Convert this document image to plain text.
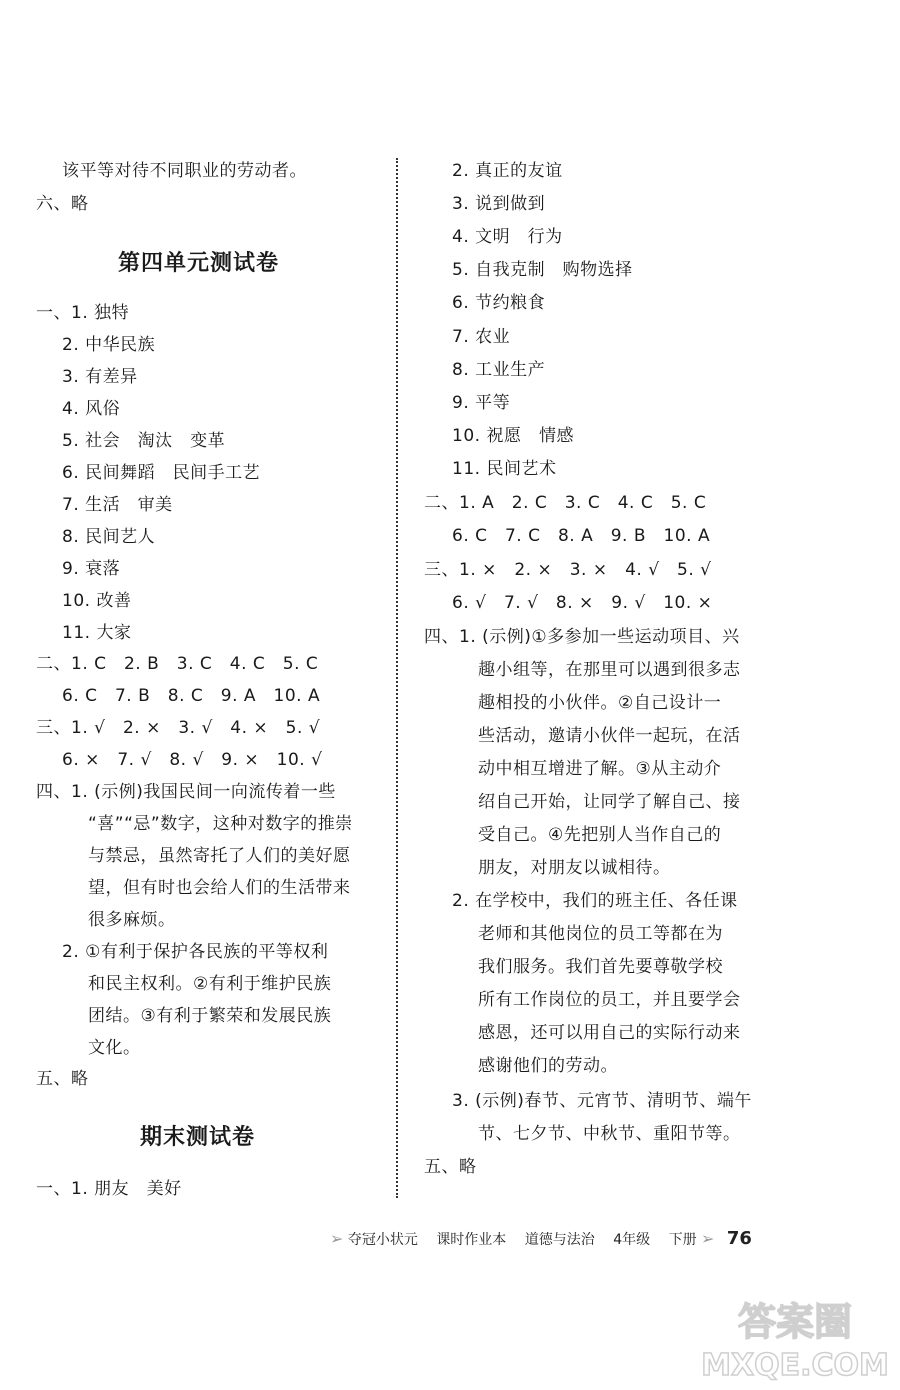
该平等对待不同职业的劳动者。
六、略
一、1. 独特
2. 中华民族
3. 有差异
4. 风俗
5. 社会　淘汰　变革
6. 民间舞蹈　民间手工艺
7. 生活　审美
8. 民间艺人
9. 衰落
10. 改善
11. 大家
二、1. C　2. B　3. C　4. C　5. C
6. C　7. B　8. C　9. A　10. A
三、1. √　2. ×　3. √　4. ×　5. √
6. ×　7. √　8. √　9. ×　10. √
四、1. (示例)我国民间一向流传着一些
“喜”“忌”数字，这种对数字的推崇
与禁忌，虽然寄托了人们的美好愿
望，但有时也会给人们的生活带来
很多麻烦。
2. ①有利于保护各民族的平等权利
和民主权利。②有利于维护民族
团结。③有利于繁荣和发展民族
文化。
五、略
一、1. 朋友　美好
第四单元测试卷
期末测试卷
2. 真正的友谊
3. 说到做到
4. 文明　行为
5. 自我克制　购物选择
6. 节约粮食
7. 农业
8. 工业生产
9. 平等
10. 祝愿　情感
11. 民间艺术
二、1. A　2. C　3. C　4. C　5. C
6. C　7. C　8. A　9. B　10. A
三、1. ×　2. ×　3. ×　4. √　5. √
6. √　7. √　8. ×　9. √　10. ×
四、1. (示例)①多参加一些运动项目、兴
趣小组等，在那里可以遇到很多志
趣相投的小伙伴。②自己设计一
些活动，邀请小伙伴一起玩，在活
动中相互增进了解。③从主动介
绍自己开始，让同学了解自己、接
受自己。④先把别人当作自己的
朋友，对朋友以诚相待。
2. 在学校中，我们的班主任、各任课
老师和其他岗位的员工等都在为
我们服务。我们首先要尊敬学校
所有工作岗位的员工，并且要学会
感恩，还可以用自己的实际行动来
感谢他们的劳动。
3. (示例)春节、元宵节、清明节、端午
节、七夕节、中秋节、重阳节等。
五、略
➢ 夺冠小状元 课时作业本 道德与法治 4年级 下册 ➢ 76
答案圈
MXQE.COM
